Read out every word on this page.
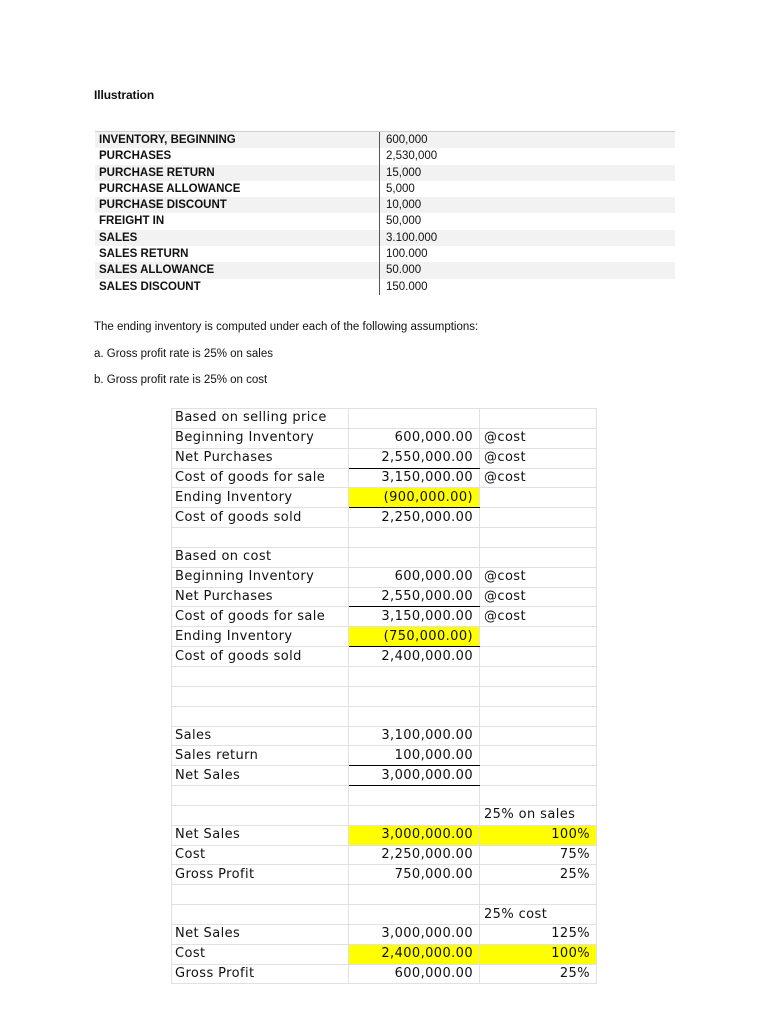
Illustration
INVENTORY, BEGINNING	600,000
PURCHASES	2,530,000
PURCHASE RETURN	15,000
PURCHASE ALLOWANCE	5,000
PURCHASE DISCOUNT	10,000
FREIGHT IN	50,000
SALES	3.100.000
SALES RETURN	100.000
SALES ALLOWANCE	50.000
SALES DISCOUNT	150.000
The ending inventory is computed under each of the following assumptions:
a. Gross profit rate is 25% on sales
b. Gross profit rate is 25% on cost
Based on selling price		
Beginning Inventory	600,000.00	@cost
Net Purchases	2,550,000.00	@cost
Cost of goods for sale	3,150,000.00	@cost
Ending Inventory	(900,000.00)	
Cost of goods sold	2,250,000.00	

Based on cost		
Beginning Inventory	600,000.00	@cost
Net Purchases	2,550,000.00	@cost
Cost of goods for sale	3,150,000.00	@cost
Ending Inventory	(750,000.00)	
Cost of goods sold	2,400,000.00	

Sales	3,100,000.00	
Sales return	100,000.00	
Net Sales	3,000,000.00	

		25% on sales
Net Sales	3,000,000.00	100%
Cost	2,250,000.00	75%
Gross Profit	750,000.00	25%

		25% cost
Net Sales	3,000,000.00	125%
Cost	2,400,000.00	100%
Gross Profit	600,000.00	25%
